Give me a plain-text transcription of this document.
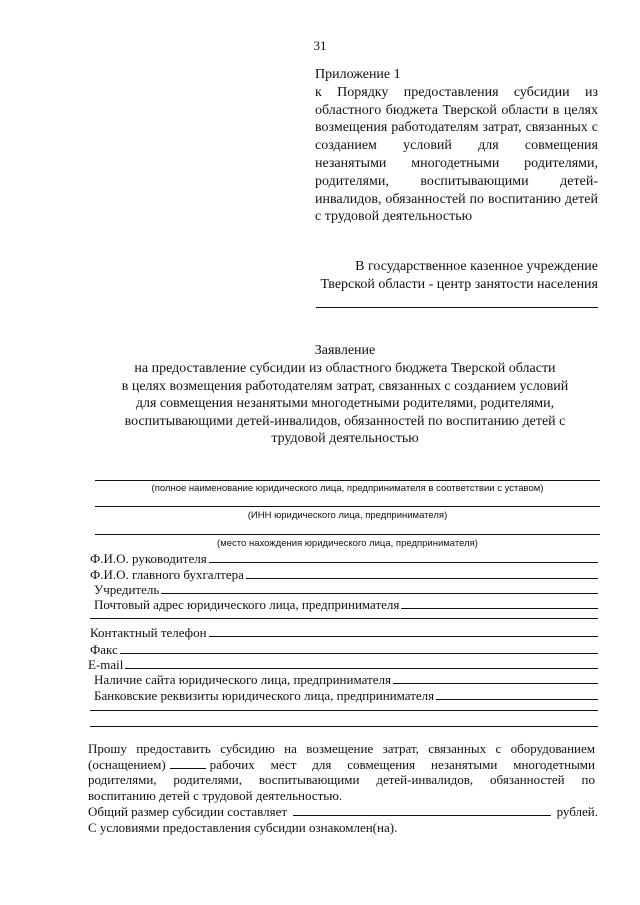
31
Приложение 1
к Порядку предоставления субсидии из областного бюджета Тверской области в целях возмещения работодателям затрат, связанных с созданием условий для совмещения незанятыми многодетными родителями, родителями, воспитывающими детей-инвалидов, обязанностей по воспитанию детей с трудовой деятельностью
В государственное казенное учреждение
Тверской области - центр занятости населения
Заявление
на предоставление субсидии из областного бюджета Тверской области
в целях возмещения работодателям затрат, связанных с созданием условий
для совмещения незанятыми многодетными родителями, родителями,
воспитывающими детей-инвалидов, обязанностей по воспитанию детей с
трудовой деятельностью
(полное наименование юридического лица, предпринимателя в соответствии с уставом)
(ИНН юридического лица, предпринимателя)
(место нахождения юридического лица, предпринимателя)
Ф.И.О. руководителя
Ф.И.О. главного бухгалтера
Учредитель
Почтовый адрес юридического лица, предпринимателя
Контактный телефон
Факс
E-mail
Наличие сайта юридического лица, предпринимателя
Банковские реквизиты юридического лица, предпринимателя
Прошу предоставить субсидию на возмещение затрат, связанных с оборудованием (оснащением)	рабочих мест для совмещения незанятыми многодетными родителями, родителями, воспитывающими детей-инвалидов, обязанностей по воспитанию детей с трудовой деятельностью.
Общий размер субсидии составляет	рублей.
С условиями предоставления субсидии ознакомлен(на).
